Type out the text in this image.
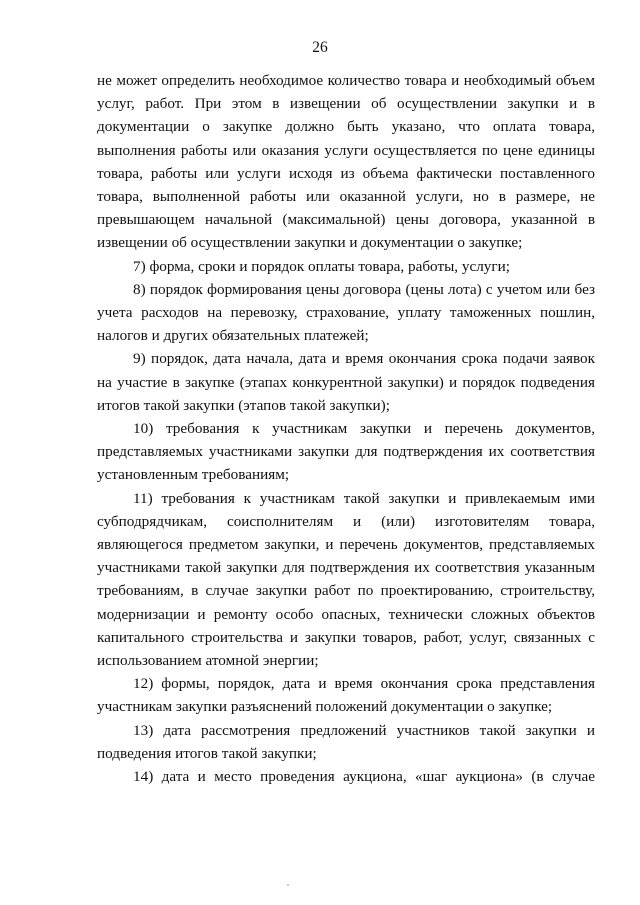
26

не может определить необходимое количество товара и необходимый объем услуг, работ. При этом в извещении об осуществлении закупки и в документации о закупке должно быть указано, что оплата товара, выполнения работы или оказания услуги осуществляется по цене единицы товара, работы или услуги исходя из объема фактически поставленного товара, выполненной работы или оказанной услуги, но в размере, не превышающем начальной (максимальной) цены договора, указанной в извещении об осуществлении закупки и документации о закупке;

7) форма, сроки и порядок оплаты товара, работы, услуги;

8) порядок формирования цены договора (цены лота) с учетом или без учета расходов на перевозку, страхование, уплату таможенных пошлин, налогов и других обязательных платежей;

9) порядок, дата начала, дата и время окончания срока подачи заявок на участие в закупке (этапах конкурентной закупки) и порядок подведения итогов такой закупки (этапов такой закупки);

10) требования к участникам закупки и перечень документов, представляемых участниками закупки для подтверждения их соответствия установленным требованиям;

11) требования к участникам такой закупки и привлекаемым ими субподрядчикам, соисполнителям и (или) изготовителям товара, являющегося предметом закупки, и перечень документов, представляемых участниками такой закупки для подтверждения их соответствия указанным требованиям, в случае закупки работ по проектированию, строительству, модернизации и ремонту особо опасных, технически сложных объектов капитального строительства и закупки товаров, работ, услуг, связанных с использованием атомной энергии;

12) формы, порядок, дата и время окончания срока представления участникам закупки разъяснений положений документации о закупке;

13) дата рассмотрения предложений участников такой закупки и подведения итогов такой закупки;

14) дата и место проведения аукциона, «шаг аукциона» (в случае
